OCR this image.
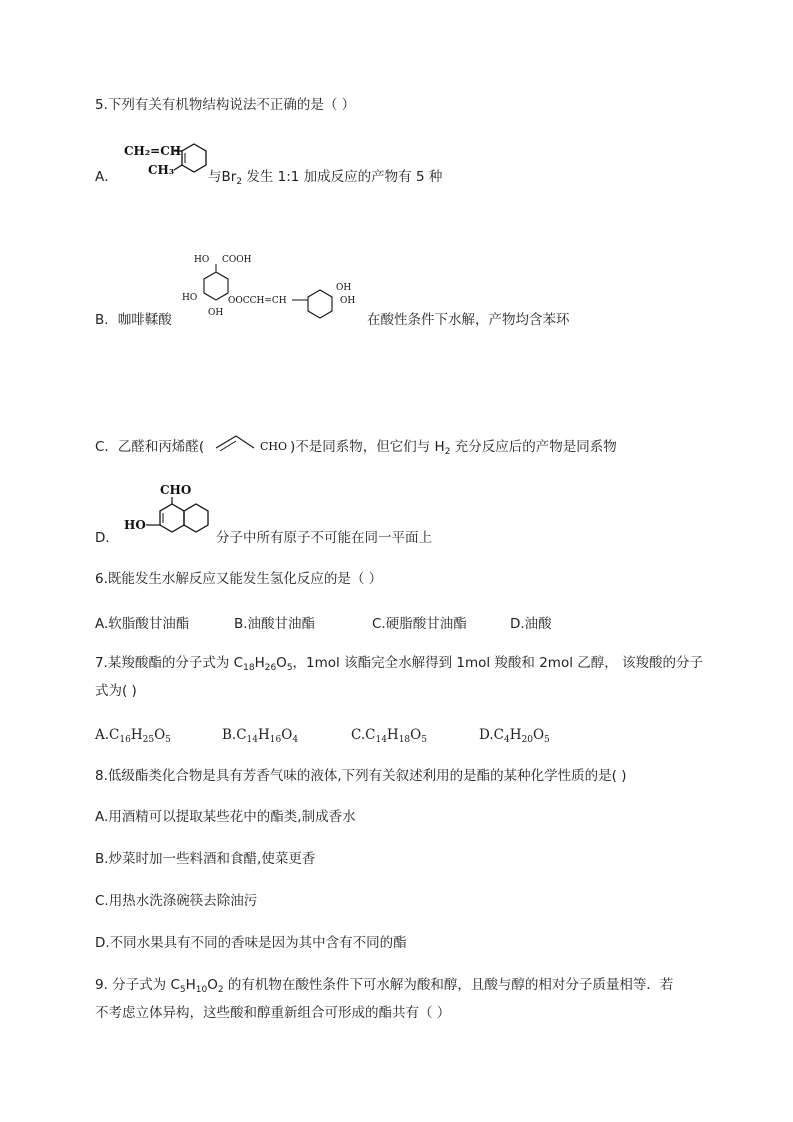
5.下列有关有机物结构说法不正确的是（ ）
A．
CH₂=CH
CH₃	与$Br_2$ 发生 1:1 加成反应的产物有 5 种
B．咖啡鞣酸
HO COOH
HO
OH
OOCCH=CH
OH
OH
在酸性条件下水解，产物均含苯环
C．乙醛和丙烯醛(	CHO )不是同系物，但它们与 $H_2$ 充分反应后的产物是同系物
D．
CHO
HO
分子中所有原子不可能在同一平面上
6.既能发生水解反应又能发生氢化反应的是（ ）
A.软脂酸甘油酯	B.油酸甘油酯	C.硬脂酸甘油酯	D.油酸
7.某羧酸酯的分子式为 $C_{18}H_{26}O_5$，1mol 该酯完全水解得到 1mol 羧酸和 2mol 乙醇， 该羧酸的分子
式为( )
$A.C_{16}H_{25}O_5$	$B.C_{14}H_{16}O_4$	$C.C_{14}H_{18}O_5$	$D.C_4H_{20}O_5$
8.低级酯类化合物是具有芳香气味的液体,下列有关叙述利用的是酯的某种化学性质的是( )
A.用酒精可以提取某些花中的酯类,制成香水
B.炒菜时加一些料酒和食醋,使菜更香
C.用热水洗涤碗筷去除油污
D.不同水果具有不同的香味是因为其中含有不同的酯
9. 分子式为 $C_5H_{10}O_2$ 的有机物在酸性条件下可水解为酸和醇，且酸与醇的相对分子质量相等．若
不考虑立体异构，这些酸和醇重新组合可形成的酯共有（ ）
